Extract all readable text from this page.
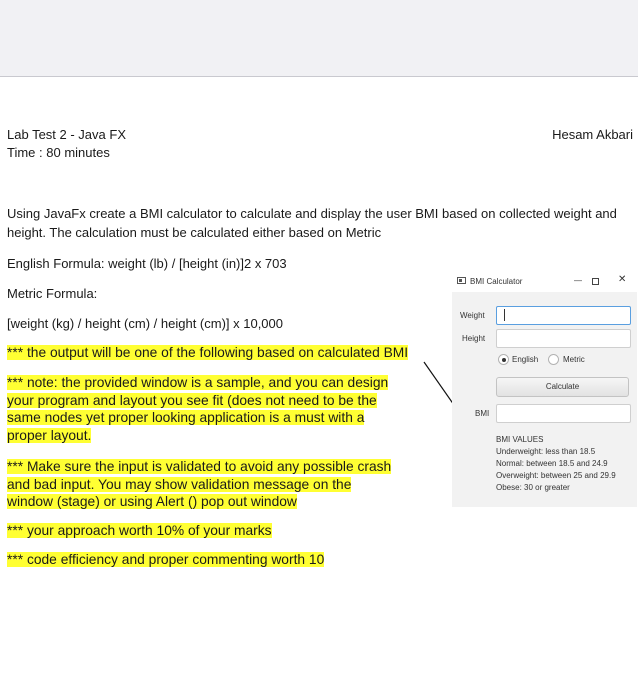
Lab Test 2 - Java FX
Time : 80 minutes
Hesam Akbari
Using JavaFx create a BMI calculator to calculate and display the user BMI based on collected weight and
height. The calculation must be calculated either based on Metric
English Formula: weight (lb) / [height (in)]2 x 703
Metric Formula:
[weight (kg) / height (cm) / height (cm)] x 10,000
*** the output will be one of the following based on calculated BMI
*** note: the provided window is a sample, and you can design
your program and layout you see fit (does not need to be the
same nodes yet proper looking application is a must with a
proper layout.
*** Make sure the input is validated to avoid any possible crash
and bad input. You may show validation message on the
window (stage) or using Alert () pop out window
*** your approach worth 10% of your marks
*** code efficiency and proper commenting worth 10
BMI Calculator	—	✕
Weight
Height
English	Metric
Calculate
BMI
BMI VALUES
Underweight: less than 18.5
Normal: between 18.5 and 24.9
Overweight: between 25 and 29.9
Obese: 30 or greater
